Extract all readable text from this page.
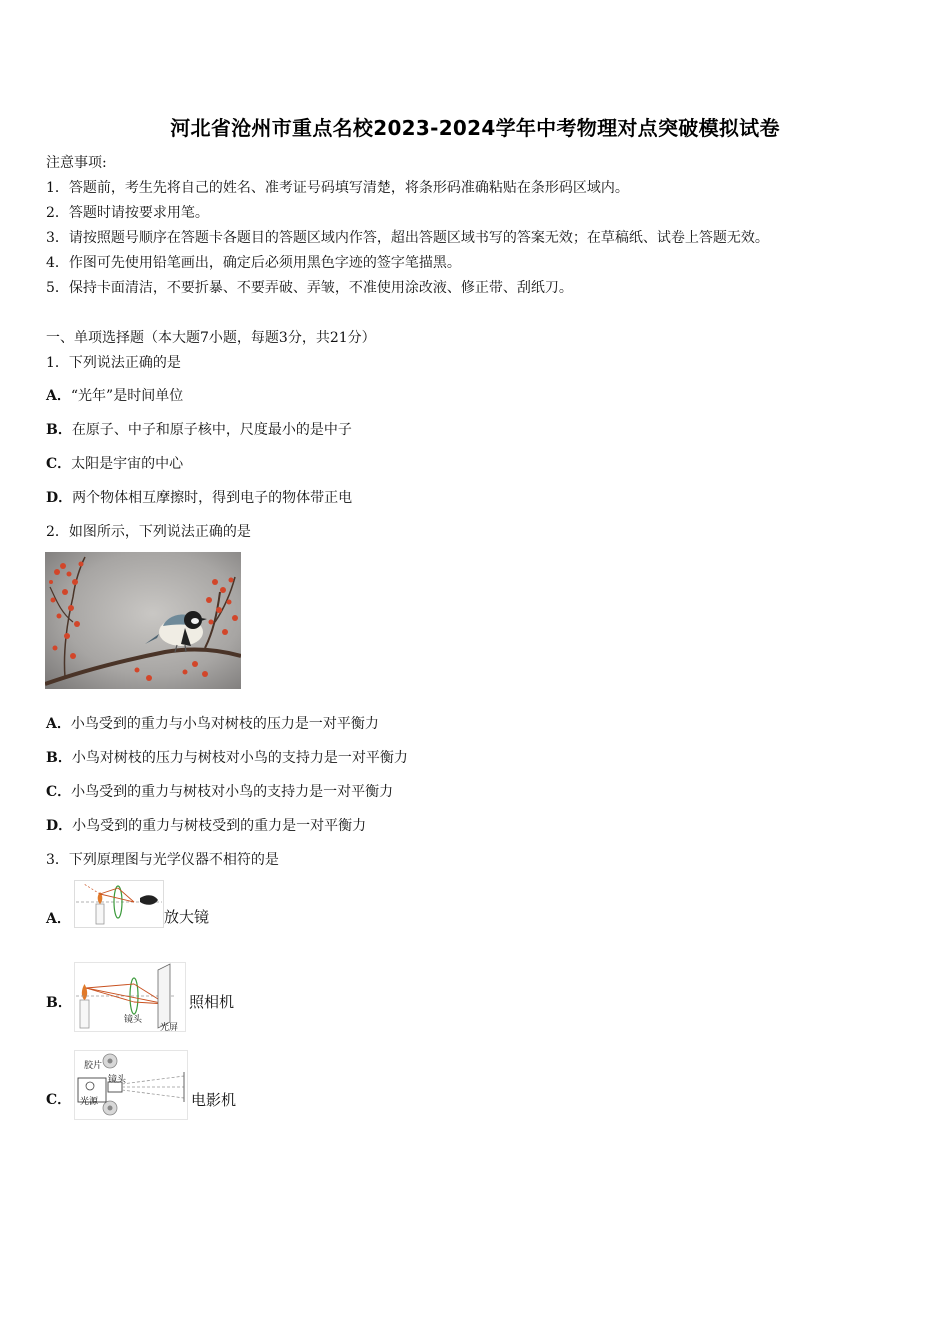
河北省沧州市重点名校2023-2024学年中考物理对点突破模拟试卷
注意事项:
1．答题前，考生先将自己的姓名、准考证号码填写清楚，将条形码准确粘贴在条形码区域内。
2．答题时请按要求用笔。
3．请按照题号顺序在答题卡各题目的答题区域内作答，超出答题区域书写的答案无效；在草稿纸、试卷上答题无效。
4．作图可先使用铅笔画出，确定后必须用黑色字迹的签字笔描黑。
5．保持卡面清洁，不要折暴、不要弄破、弄皱，不准使用涂改液、修正带、刮纸刀。
一、单项选择题（本大题7小题，每题3分，共21分）
1．下列说法正确的是
A．“光年”是时间单位
B．在原子、中子和原子核中，尺度最小的是中子
C．太阳是宇宙的中心
D．两个物体相互摩擦时，得到电子的物体带正电
2．如图所示，下列说法正确的是
A．小鸟受到的重力与小鸟对树枝的压力是一对平衡力
B．小鸟对树枝的压力与树枝对小鸟的支持力是一对平衡力
C．小鸟受到的重力与树枝对小鸟的支持力是一对平衡力
D．小鸟受到的重力与树枝受到的重力是一对平衡力
3．下列原理图与光学仪器不相符的是
A．	放大镜
B．
镜头
光屏
照相机
C．
胶片
镜头
光源	电影机
